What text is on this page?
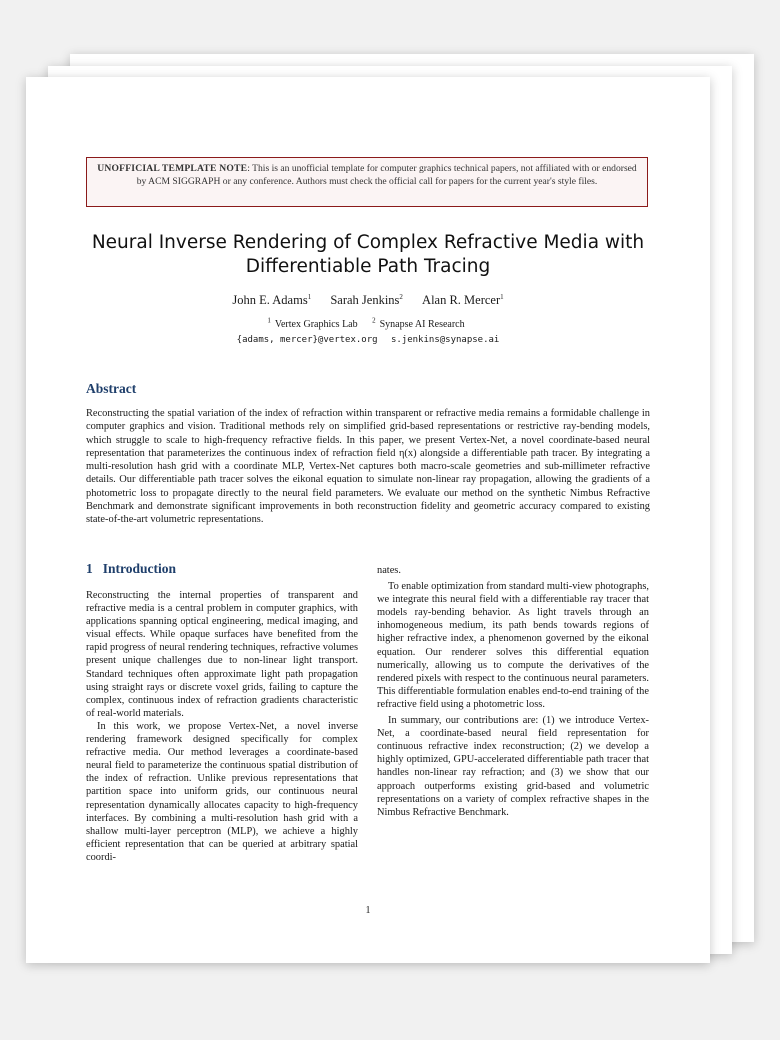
UNOFFICIAL TEMPLATE NOTE: This is an unofficial template for computer graphics technical papers, not affiliated with or endorsed by ACM SIGGRAPH or any conference. Authors must check the official call for papers for the current year's style files.
Neural Inverse Rendering of Complex Refractive Media with Differentiable Path Tracing
John E. Adams$^1$ Sarah Jenkins$^2$ Alan R. Mercer$^1$
$^1$ Vertex Graphics Lab $^2$ Synapse AI Research
{adams, mercer}@vertex.org s.jenkins@synapse.ai
Abstract
Reconstructing the spatial variation of the index of refraction within transparent or refractive media remains a formidable challenge in computer graphics and vision. Traditional methods rely on simplified grid-based representations or restrictive ray-bending models, which struggle to scale to high-frequency refractive fields. In this paper, we present Vertex-Net, a novel coordinate-based neural representation that parameterizes the continuous index of refraction field η(x) alongside a differentiable path tracer. By integrating a multi-resolution hash grid with a coordinate MLP, Vertex-Net captures both macro-scale geometries and sub-millimeter refractive details. Our differentiable path tracer solves the eikonal equation to simulate non-linear ray propagation, allowing the gradients of a photometric loss to propagate directly to the neural field parameters. We evaluate our method on the synthetic Nimbus Refractive Benchmark and demonstrate significant improvements in both reconstruction fidelity and geometric accuracy compared to existing state-of-the-art volumetric representations.
1 Introduction

Reconstructing the internal properties of transparent and refractive media is a central problem in computer graphics, with applications spanning optical engineering, medical imaging, and visual effects. While opaque surfaces have benefited from the rapid progress of neural rendering techniques, refractive volumes present unique challenges due to non-linear light transport. Standard techniques often approximate light path propagation using straight rays or discrete voxel grids, failing to capture the complex, continuous index of refraction gradients characteristic of real-world materials.

In this work, we propose Vertex-Net, a novel inverse rendering framework designed specifically for complex refractive media. Our method leverages a coordinate-based neural field to parameterize the continuous spatial distribution of the index of refraction. Unlike previous representations that partition space into uniform grids, our continuous neural representation dynamically allocates capacity to high-frequency interfaces. By combining a multi-resolution hash grid with a shallow multi-layer perceptron (MLP), we achieve a highly efficient representation that can be queried at arbitrary spatial coordi-

nates.

To enable optimization from standard multi-view photographs, we integrate this neural field with a differentiable ray tracer that models ray-bending behavior. As light travels through an inhomogeneous medium, its path bends towards regions of higher refractive index, a phenomenon governed by the eikonal equation. Our renderer solves this differential equation numerically, allowing us to compute the derivatives of the rendered pixels with respect to the continuous neural parameters. This differentiable formulation enables end-to-end training of the refractive field using a photometric loss.

In summary, our contributions are: (1) we introduce Vertex-Net, a coordinate-based neural field representation for continuous refractive index reconstruction; (2) we develop a highly optimized, GPU-accelerated differentiable path tracer that handles non-linear ray refraction; and (3) we show that our approach outperforms existing grid-based and volumetric representations on a variety of complex refractive shapes in the Nimbus Refractive Benchmark.

1
